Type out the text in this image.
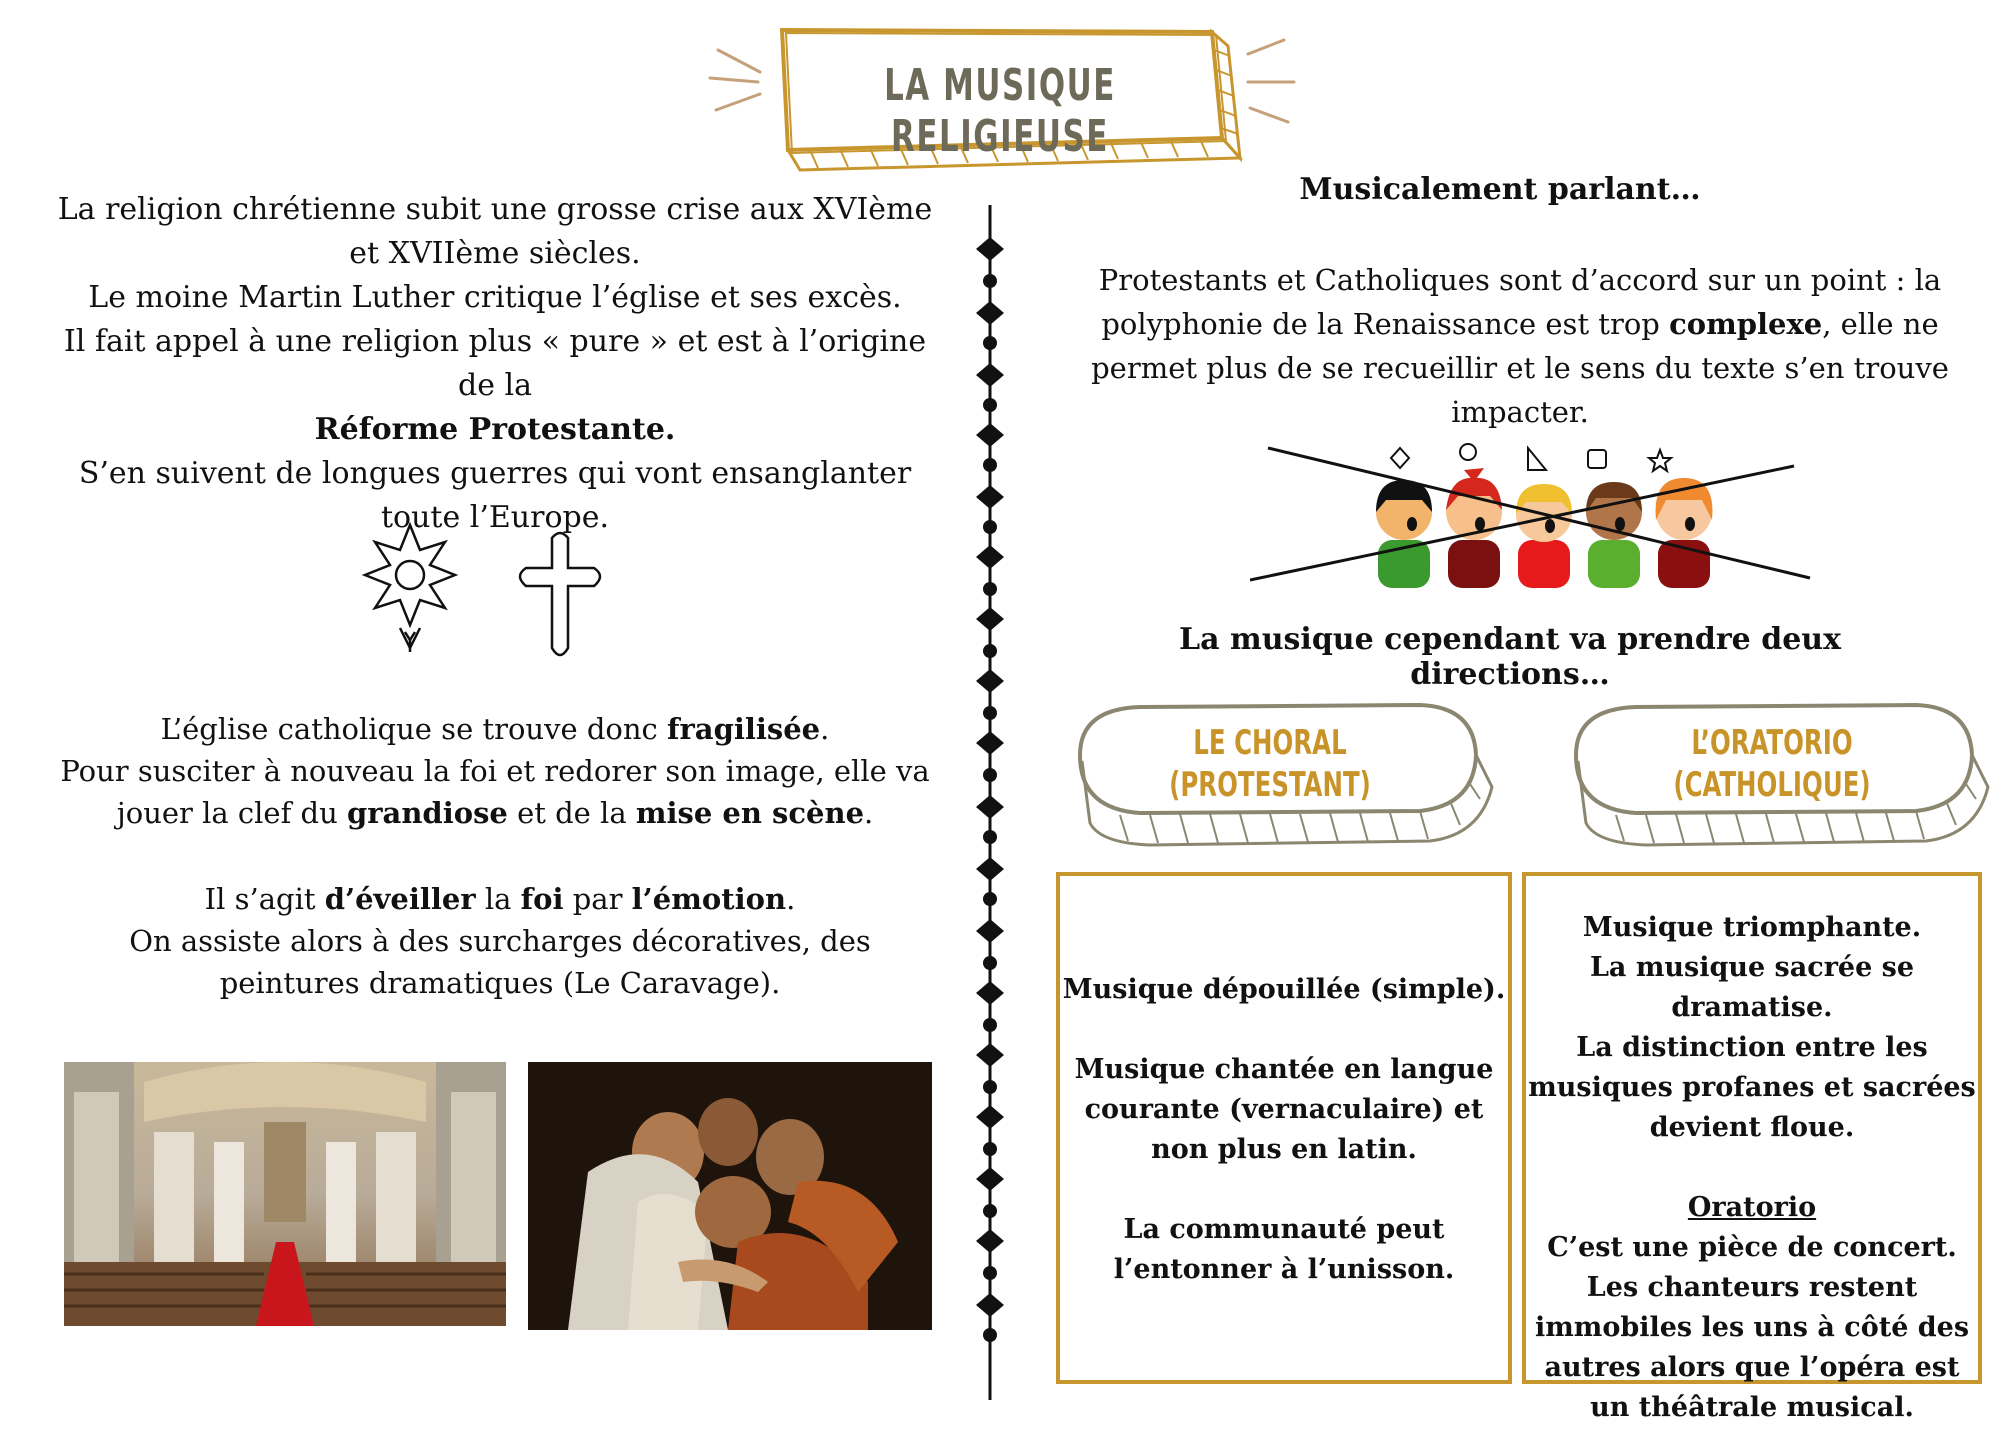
LA MUSIQUE RELIGIEUSE
La religion chrétienne subit une grosse crise aux XVIème et XVIIème siècles.
Le moine Martin Luther critique l’église et ses excès.
Il fait appel à une religion plus « pure » et est à l’origine de la
Réforme Protestante.
S’en suivent de longues guerres qui vont ensanglanter toute l’Europe.
L’église catholique se trouve donc fragilisée.
Pour susciter à nouveau la foi et redorer son image, elle va jouer la clef du grandiose et de la mise en scène.
Il s’agit d’éveiller la foi par l’émotion.
On assiste alors à des surcharges décoratives, des peintures dramatiques (Le Caravage).
Musicalement parlant…
Protestants et Catholiques sont d’accord sur un point : la polyphonie de la Renaissance est trop complexe, elle ne permet plus de se recueillir et le sens du texte s’en trouve impacter.
La musique cependant va prendre deux directions…
LE CHORAL
(PROTESTANT)
L’ORATORIO
(CATHOLIQUE)
Musique dépouillée (simple).
Musique chantée en langue courante (vernaculaire) et non plus en latin.
La communauté peut l’entonner à l’unisson.
Musique triomphante.
La musique sacrée se dramatise.
La distinction entre les musiques profanes et sacrées devient floue.
Oratorio
C’est une pièce de concert.
Les chanteurs restent immobiles les uns à côté des autres alors que l’opéra est un théâtrale musical.
